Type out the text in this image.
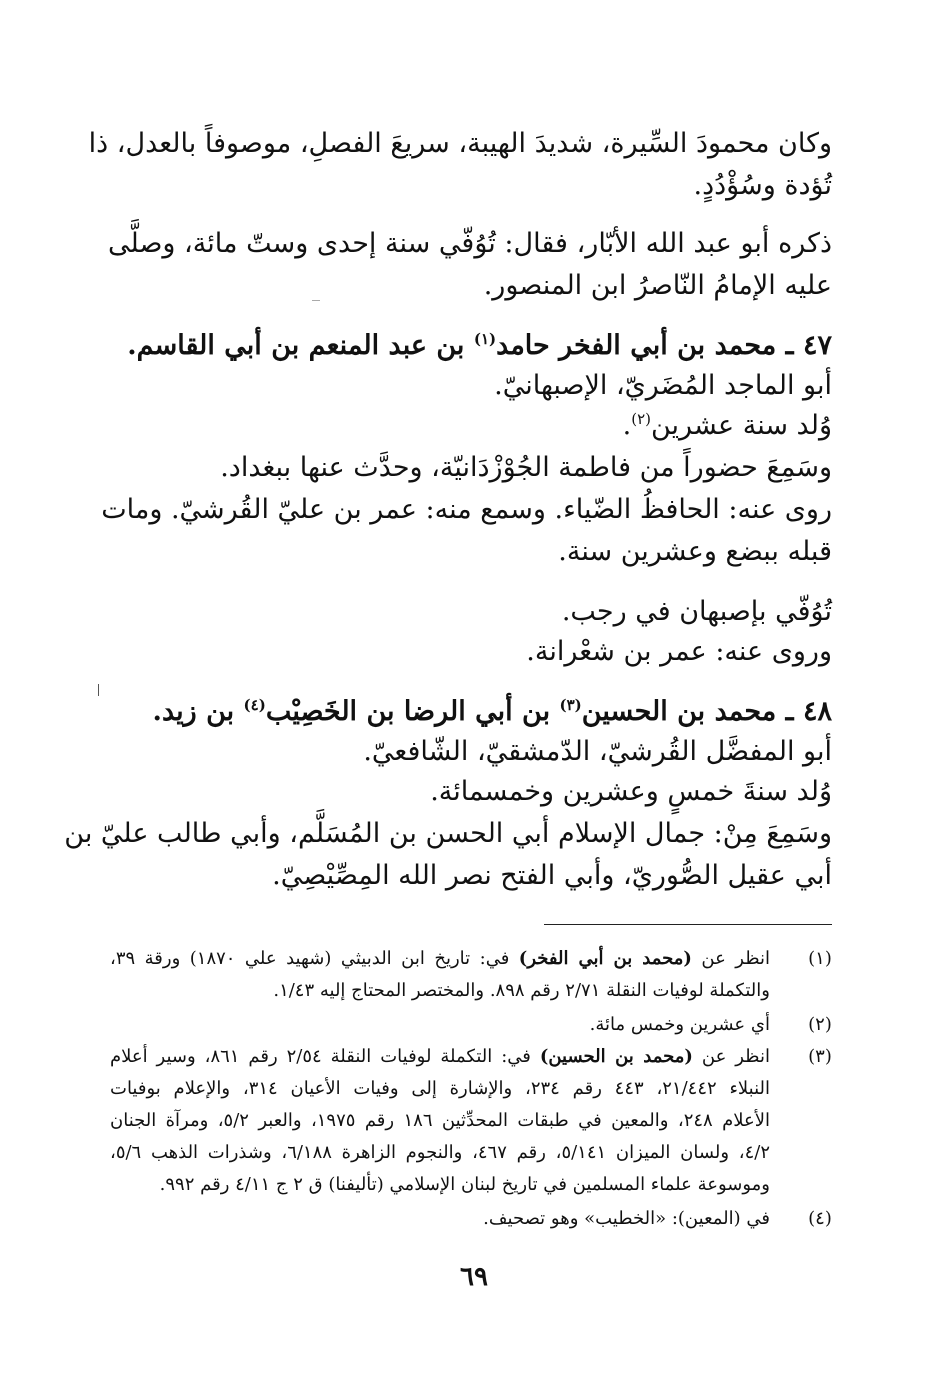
وكان محمودَ السِّيرة، شديدَ الهيبة، سريعَ الفصلِ، موصوفاً بالعدل، ذا
تُؤدة وسُؤْدُدٍ.
ذكره أبو عبد الله الأبّار، فقال: تُوُفّي سنة إحدى وستّ مائة، وصلَّى
عليه الإمامُ النّاصرُ ابن المنصور.
٤٧ ـ محمد بن أبي الفخر حامد$^{(١)}$ بن عبد المنعم بن أبي القاسم.
أبو الماجد المُضَريّ، الإصبهانيّ.
وُلد سنة عشرين$^{(٢)}$.
وسَمِعَ حضوراً من فاطمة الجُوْزْدَانيّة، وحدَّث عنها ببغداد.
روى عنه: الحافظُ الضّياء. وسمع منه: عمر بن عليّ القُرشيّ. ومات
قبله ببضع وعشرين سنة.
تُوُفّي بإصبهان في رجب.
وروى عنه: عمر بن شعْرانة.
٤٨ ـ محمد بن الحسين$^{(٣)}$ بن أبي الرضا بن الخَصِيْب$^{(٤)}$ بن زيد.
أبو المفضَّل القُرشيّ، الدّمشقيّ، الشّافعيّ.
وُلد سنةَ خمسٍ وعشرين وخمسمائة.
وسَمِعَ مِنْ: جمال الإسلام أبي الحسن بن المُسَلَّم، وأبي طالب عليّ بن
أبي عقيل الصُّوريّ، وأبي الفتح نصر الله المِصِّيْصِيّ.
(١)
انظر عن (محمد بن أبي الفخر) في: تاريخ ابن الدبيثي (شهيد علي ١٨٧٠) ورقة ٣٩،
والتكملة لوفيات النقلة ٢/٧١ رقم ٨٩٨. والمختصر المحتاج إليه ١/٤٣.
(٢)
أي عشرين وخمس مائة.
(٣)
انظر عن (محمد بن الحسين) في: التكملة لوفيات النقلة ٢/٥٤ رقم ٨٦١، وسير أعلام
النبلاء ٢١/٤٤٢، ٤٤٣ رقم ٢٣٤، والإشارة إلى وفيات الأعيان ٣١٤، والإعلام بوفيات
الأعلام ٢٤٨، والمعين في طبقات المحدِّثين ١٨٦ رقم ١٩٧٥، والعبر ٥/٢، ومرآة الجنان
٤/٢، ولسان الميزان ٥/١٤١، رقم ٤٦٧، والنجوم الزاهرة ٦/١٨٨، وشذرات الذهب ٥/٦،
وموسوعة علماء المسلمين في تاريخ لبنان الإسلامي (تأليفنا) ق ٢ ج ٤/١١ رقم ٩٩٢.
(٤)
في (المعين): «الخطيب» وهو تصحيف.
٦٩
